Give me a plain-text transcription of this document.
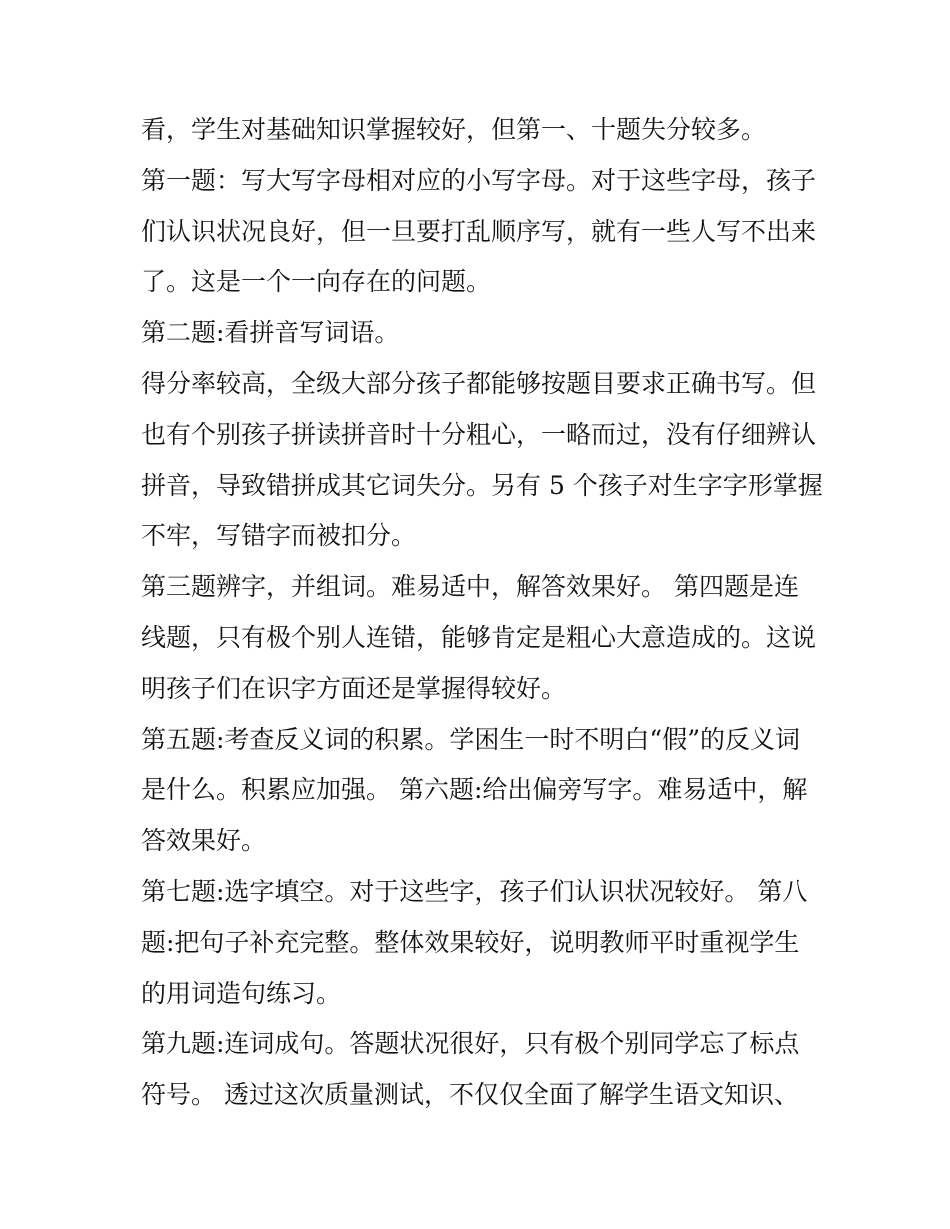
看，学生对基础知识掌握较好，但第一、十题失分较多。
第一题：写大写字母相对应的小写字母。对于这些字母，孩子
们认识状况良好，但一旦要打乱顺序写，就有一些人写不出来
了。这是一个一向存在的问题。
第二题:看拼音写词语。
得分率较高，全级大部分孩子都能够按题目要求正确书写。但
也有个别孩子拼读拼音时十分粗心，一略而过，没有仔细辨认
拼音，导致错拼成其它词失分。另有 5 个孩子对生字字形掌握
不牢，写错字而被扣分。
第三题辨字，并组词。难易适中，解答效果好。 第四题是连
线题，只有极个别人连错，能够肯定是粗心大意造成的。这说
明孩子们在识字方面还是掌握得较好。
第五题:考查反义词的积累。学困生一时不明白“假”的反义词
是什么。积累应加强。 第六题:给出偏旁写字。难易适中，解
答效果好。
第七题:选字填空。对于这些字，孩子们认识状况较好。 第八
题:把句子补充完整。整体效果较好，说明教师平时重视学生
的用词造句练习。
第九题:连词成句。答题状况很好，只有极个别同学忘了标点
符号。 透过这次质量测试，不仅仅全面了解学生语文知识、
